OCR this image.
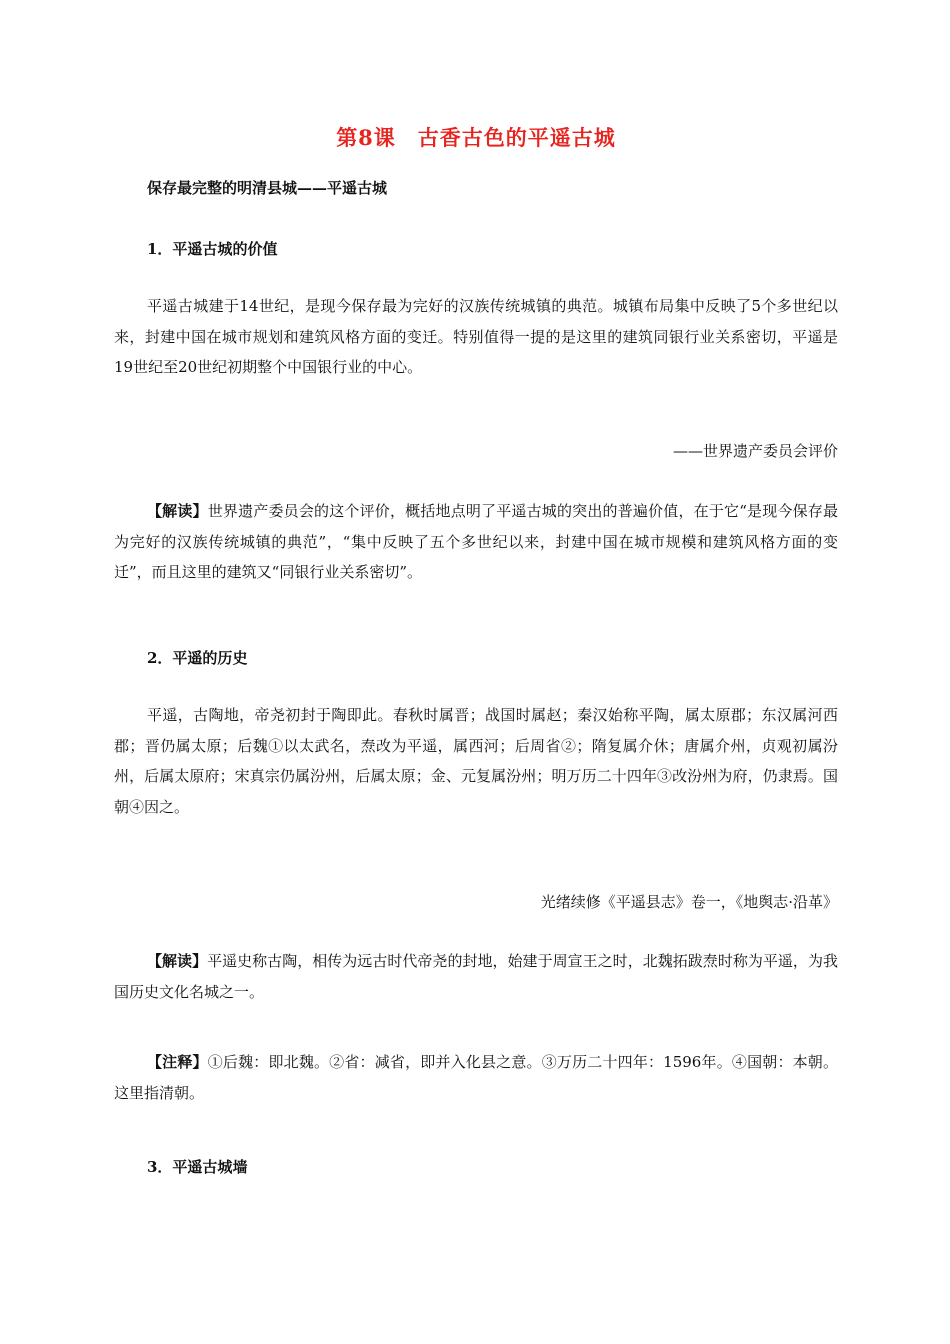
第8课　古香古色的平遥古城
保存最完整的明清县城——平遥古城
1．平遥古城的价值

平遥古城建于14世纪，是现今保存最为完好的汉族传统城镇的典范。城镇布局集中反映了5个多世纪以来，封建中国在城市规划和建筑风格方面的变迁。特别值得一提的是这里的建筑同银行业关系密切，平遥是19世纪至20世纪初期整个中国银行业的中心。

——世界遗产委员会评价

【解读】世界遗产委员会的这个评价，概括地点明了平遥古城的突出的普遍价值，在于它“是现今保存最为完好的汉族传统城镇的典范”，“集中反映了五个多世纪以来，封建中国在城市规模和建筑风格方面的变迁”，而且这里的建筑又“同银行业关系密切”。

2．平遥的历史

平遥，古陶地，帝尧初封于陶即此。春秋时属晋；战国时属赵；秦汉始称平陶，属太原郡；东汉属河西郡；晋仍属太原；后魏①以太武名，焘改为平遥，属西河；后周省②；隋复属介休；唐属介州，贞观初属汾州，后属太原府；宋真宗仍属汾州，后属太原；金、元复属汾州；明万历二十四年③改汾州为府，仍隶焉。国朝④因之。

光绪续修《平遥县志》卷一，《地舆志·沿革》

【解读】平遥史称古陶，相传为远古时代帝尧的封地，始建于周宣王之时，北魏拓跋焘时称为平遥，为我国历史文化名城之一。

【注释】①后魏：即北魏。②省：减省，即并入化县之意。③万历二十四年：1596年。④国朝：本朝。这里指清朝。

3．平遥古城墙
